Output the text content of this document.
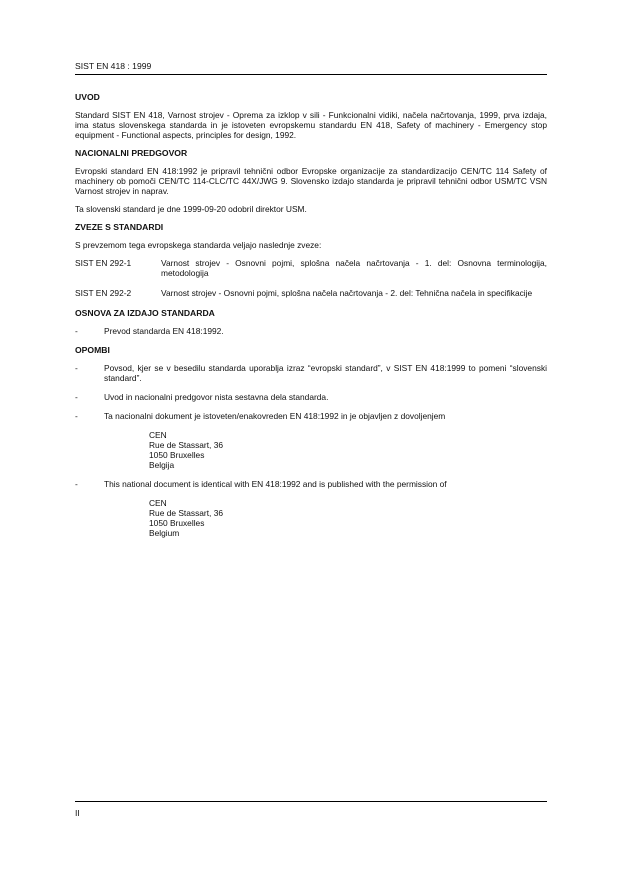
SIST EN 418 : 1999
UVOD

Standard SIST EN 418, Varnost strojev - Oprema za izklop v sili - Funkcionalni vidiki, načela načrtovanja, 1999, prva izdaja, ima status slovenskega standarda in je istoveten evropskemu standardu EN 418, Safety of machinery - Emergency stop equipment - Functional aspects, principles for design, 1992.

NACIONALNI PREDGOVOR

Evropski standard EN 418:1992 je pripravil tehnični odbor Evropske organizacije za standardizacijo CEN/TC 114 Safety of machinery ob pomoči CEN/TC 114-CLC/TC 44X/JWG 9. Slovensko izdajo standarda je pripravil tehnični odbor USM/TC VSN Varnost strojev in naprav.

Ta slovenski standard je dne 1999-09-20 odobril direktor USM.

ZVEZE S STANDARDI

S prevzemom tega evropskega standarda veljajo naslednje zveze:

SIST EN 292-1	Varnost strojev - Osnovni pojmi, splošna načela načrtovanja - 1. del: Osnovna terminologija, metodologija
SIST EN 292-2	Varnost strojev - Osnovni pojmi, splošna načela načrtovanja - 2. del: Tehnična načela in specifikacije
OSNOVA ZA IZDAJO STANDARDA
-	Prevod standarda EN 418:1992.
OPOMBI
-	Povsod, kjer se v besedilu standarda uporablja izraz “evropski standard”, v SIST EN 418:1999 to pomeni “slovenski standard”.
-	Uvod in nacionalni predgovor nista sestavna dela standarda.
-	Ta nacionalni dokument je istoveten/enakovreden EN 418:1992 in je objavljen z dovoljenjem
CEN
Rue de Stassart, 36
1050 Bruxelles
Belgija
-	This national document is identical with EN 418:1992 and is published with the permission of
CEN
Rue de Stassart, 36
1050 Bruxelles
Belgium
II
